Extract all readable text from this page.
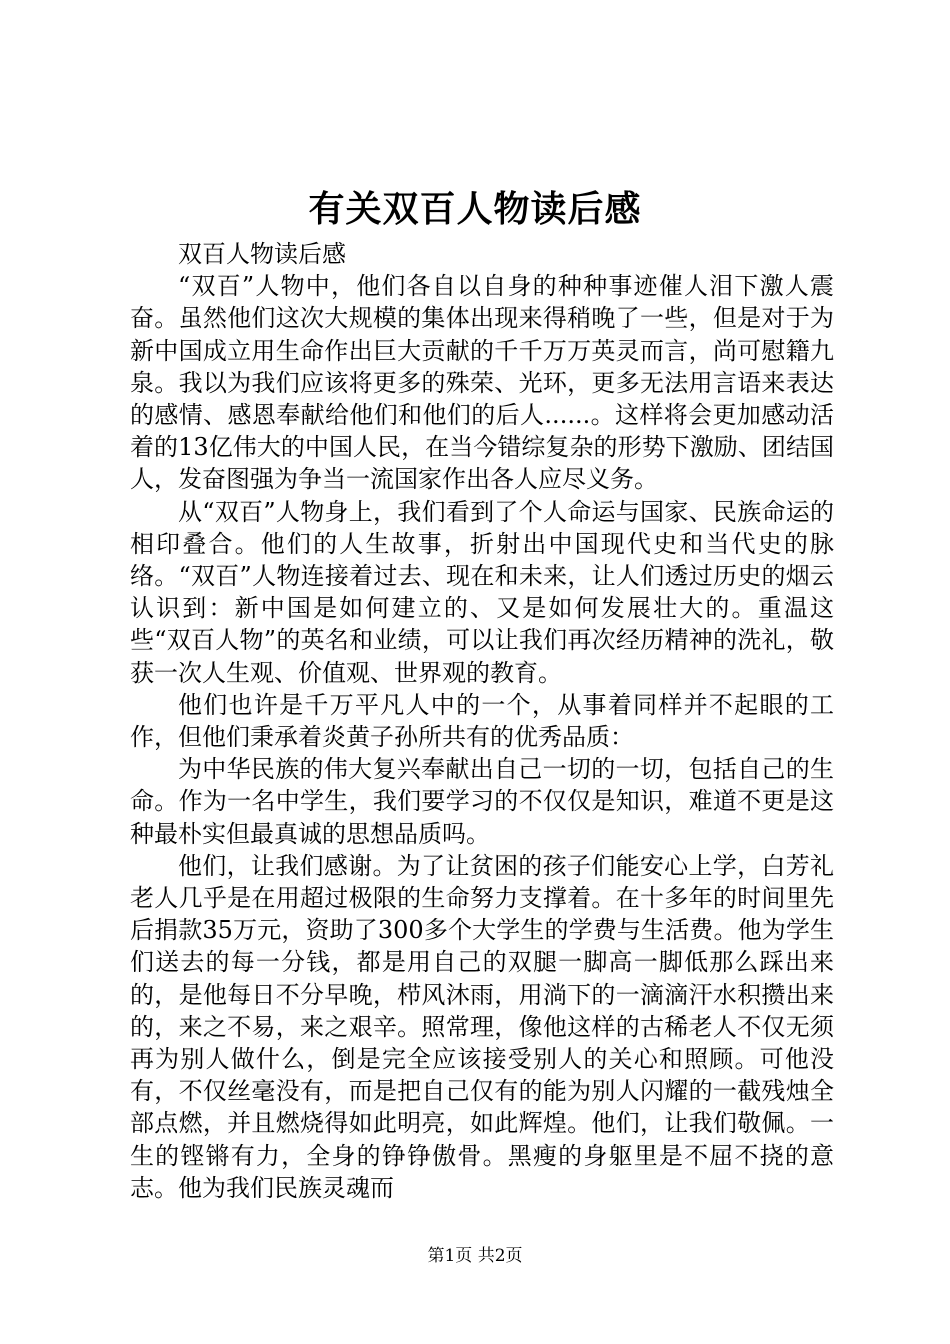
有关双百人物读后感

双百人物读后感

“双百”人物中，他们各自以自身的种种事迹催人泪下激人震奋。虽然他们这次大规模的集体出现来得稍晚了一些，但是对于为新中国成立用生命作出巨大贡献的千千万万英灵而言，尚可慰籍九泉。我以为我们应该将更多的殊荣、光环，更多无法用言语来表达的感情、感恩奉献给他们和他们的后人......。这样将会更加感动活着的13亿伟大的中国人民，在当今错综复杂的形势下激励、团结国人，发奋图强为争当一流国家作出各人应尽义务。

从“双百”人物身上，我们看到了个人命运与国家、民族命运的相印叠合。他们的人生故事，折射出中国现代史和当代史的脉络。“双百”人物连接着过去、现在和未来，让人们透过历史的烟云认识到：新中国是如何建立的、又是如何发展壮大的。重温这些“双百人物”的英名和业绩，可以让我们再次经历精神的洗礼，敬获一次人生观、价值观、世界观的教育。

他们也许是千万平凡人中的一个，从事着同样并不起眼的工作，但他们秉承着炎黄子孙所共有的优秀品质：

为中华民族的伟大复兴奉献出自己一切的一切，包括自己的生命。作为一名中学生，我们要学习的不仅仅是知识，难道不更是这种最朴实但最真诚的思想品质吗。

他们，让我们感谢。为了让贫困的孩子们能安心上学，白芳礼老人几乎是在用超过极限的生命努力支撑着。在十多年的时间里先后捐款35万元，资助了300多个大学生的学费与生活费。他为学生们送去的每一分钱，都是用自己的双腿一脚高一脚低那么踩出来的，是他每日不分早晚，栉风沐雨，用淌下的一滴滴汗水积攒出来的，来之不易，来之艰辛。照常理，像他这样的古稀老人不仅无须再为别人做什么，倒是完全应该接受别人的关心和照顾。可他没有，不仅丝毫没有，而是把自己仅有的能为别人闪耀的一截残烛全部点燃，并且燃烧得如此明亮，如此辉煌。他们，让我们敬佩。一生的铿锵有力，全身的铮铮傲骨。黑瘦的身躯里是不屈不挠的意志。他为我们民族灵魂而

第1页 共2页
